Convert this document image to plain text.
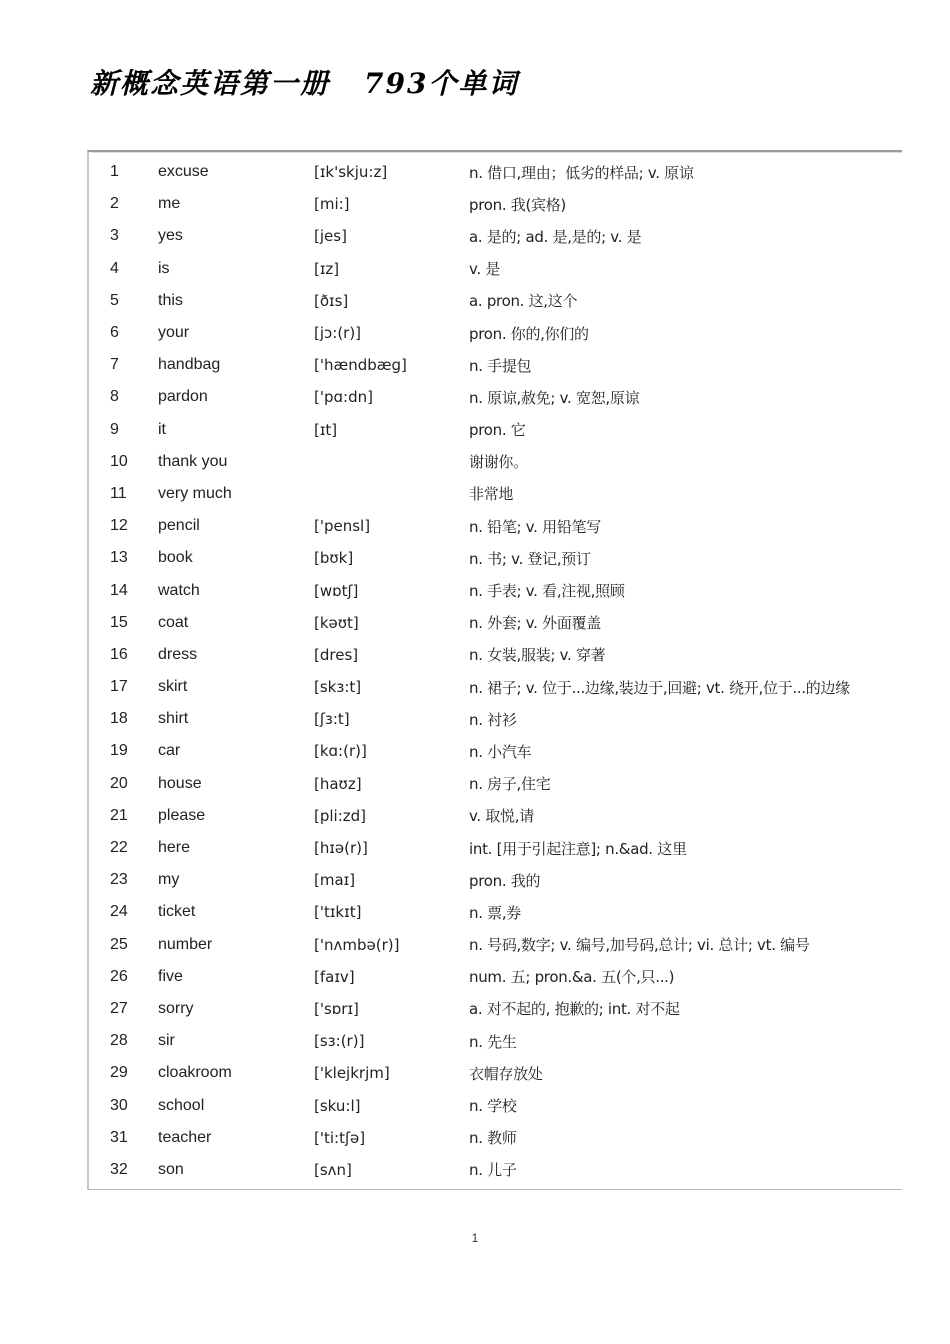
新概念英语第一册 793个单词
1	excuse	[ɪk'skju:z]	n. 借口,理由；低劣的样品; v. 原谅
2	me	[mi:]	pron. 我(宾格)
3	yes	[jes]	a. 是的; ad. 是,是的; v. 是
4	is	[ɪz]	v. 是
5	this	[ðɪs]	a. pron. 这,这个
6	your	[jɔ:(r)]	pron. 你的,你们的
7	handbag	['hændbæg]	n. 手提包
8	pardon	['pɑ:dn]	n. 原谅,赦免; v. 宽恕,原谅
9	it	[ɪt]	pron. 它
10	thank you		谢谢你。
11	very much		非常地
12	pencil	['pensl]	n. 铅笔; v. 用铅笔写
13	book	[bʊk]	n. 书; v. 登记,预订
14	watch	[wɒtʃ]	n. 手表; v. 看,注视,照顾
15	coat	[kəʊt]	n. 外套; v. 外面覆盖
16	dress	[dres]	n. 女装,服装; v. 穿著
17	skirt	[skɜ:t]	n. 裙子; v. 位于...边缘,装边于,回避; vt. 绕开,位于...的边缘
18	shirt	[ʃɜ:t]	n. 衬衫
19	car	[kɑ:(r)]	n. 小汽车
20	house	[haʊz]	n. 房子,住宅
21	please	[pli:zd]	v. 取悦,请
22	here	[hɪə(r)]	int. [用于引起注意]; n.&ad. 这里
23	my	[maɪ]	pron. 我的
24	ticket	['tɪkɪt]	n. 票,券
25	number	['nʌmbə(r)]	n. 号码,数字; v. 编号,加号码,总计; vi. 总计; vt. 编号
26	five	[faɪv]	num. 五; pron.&a. 五(个,只...)
27	sorry	['sɒrɪ]	a. 对不起的, 抱歉的; int. 对不起
28	sir	[sɜ:(r)]	n. 先生
29	cloakroom	['klejkrjm]	衣帽存放处
30	school	[sku:l]	n. 学校
31	teacher	['ti:tʃə]	n. 教师
32	son	[sʌn]	n. 儿子
1
